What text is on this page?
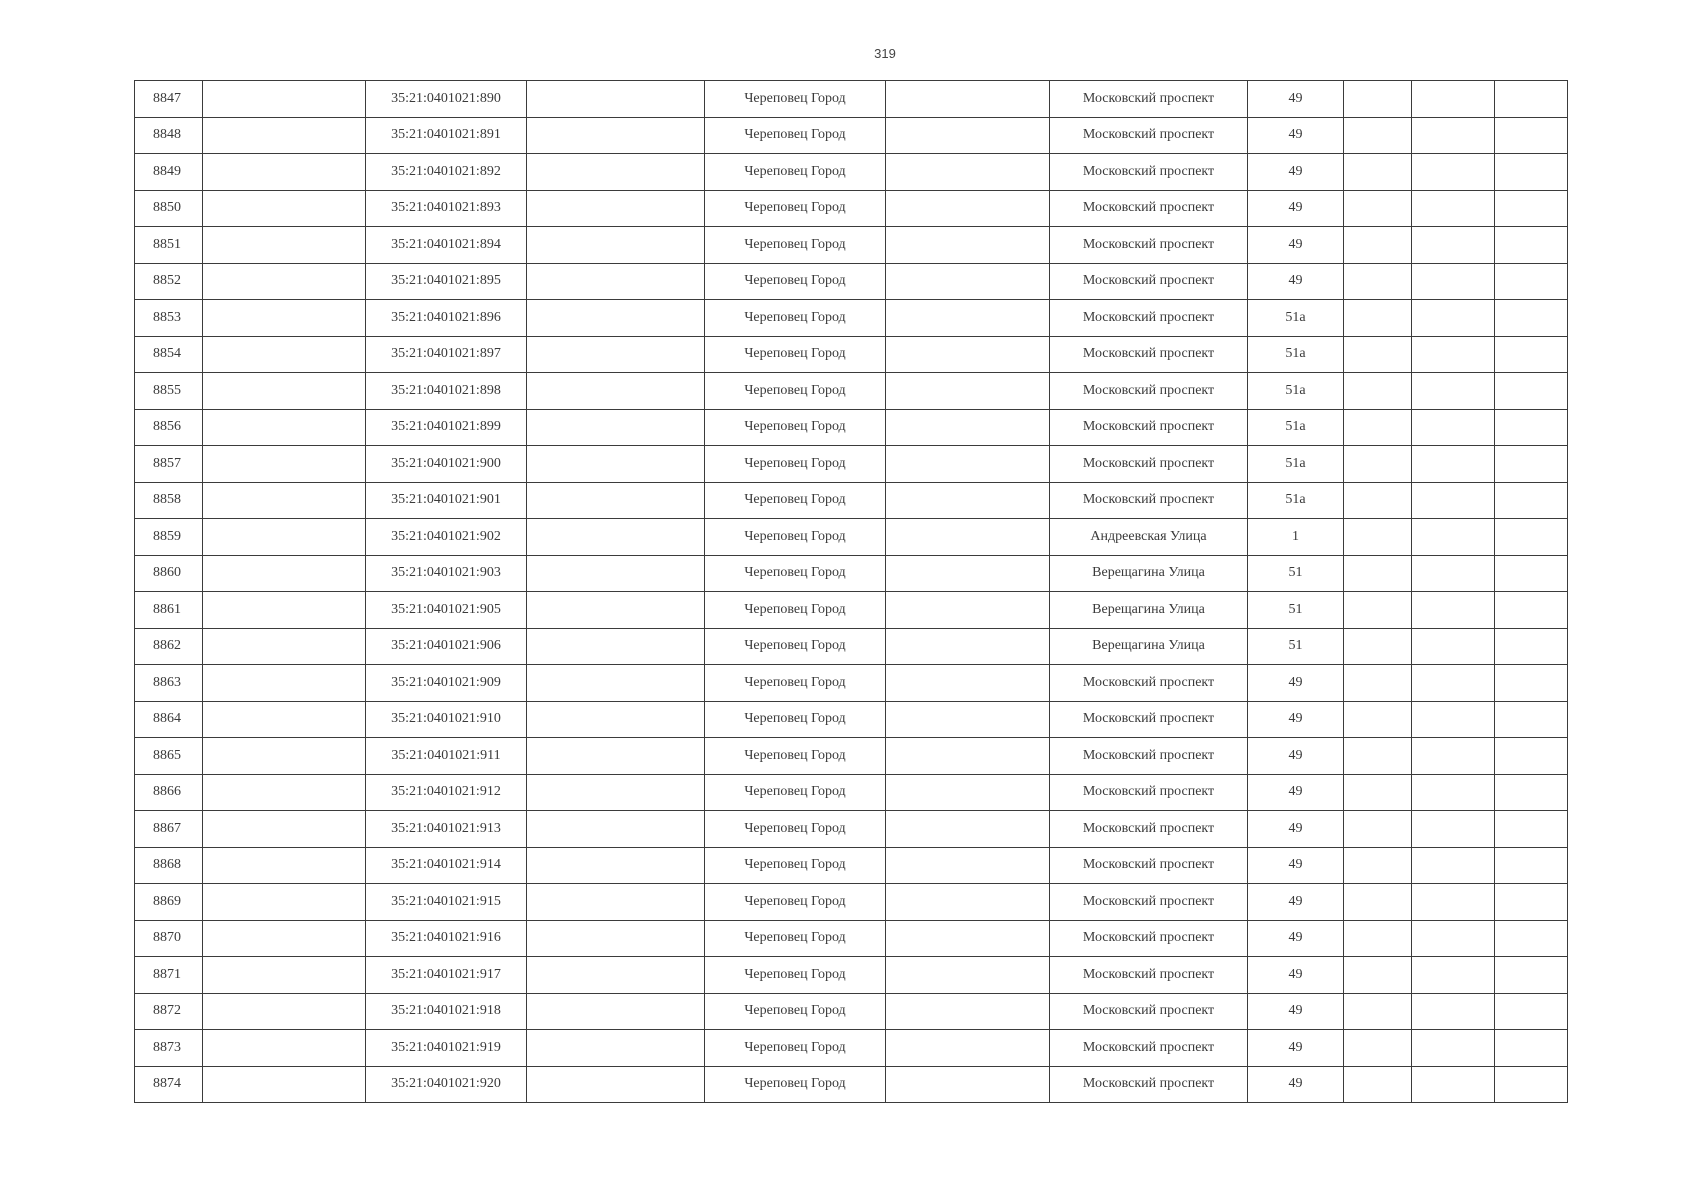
319
8847		35:21:0401021:890		Череповец Город		Московский проспект	49			
8848		35:21:0401021:891		Череповец Город		Московский проспект	49			
8849		35:21:0401021:892		Череповец Город		Московский проспект	49			
8850		35:21:0401021:893		Череповец Город		Московский проспект	49			
8851		35:21:0401021:894		Череповец Город		Московский проспект	49			
8852		35:21:0401021:895		Череповец Город		Московский проспект	49			
8853		35:21:0401021:896		Череповец Город		Московский проспект	51а			
8854		35:21:0401021:897		Череповец Город		Московский проспект	51а			
8855		35:21:0401021:898		Череповец Город		Московский проспект	51а			
8856		35:21:0401021:899		Череповец Город		Московский проспект	51а			
8857		35:21:0401021:900		Череповец Город		Московский проспект	51а			
8858		35:21:0401021:901		Череповец Город		Московский проспект	51а			
8859		35:21:0401021:902		Череповец Город		Андреевская Улица	1			
8860		35:21:0401021:903		Череповец Город		Верещагина Улица	51			
8861		35:21:0401021:905		Череповец Город		Верещагина Улица	51			
8862		35:21:0401021:906		Череповец Город		Верещагина Улица	51			
8863		35:21:0401021:909		Череповец Город		Московский проспект	49			
8864		35:21:0401021:910		Череповец Город		Московский проспект	49			
8865		35:21:0401021:911		Череповец Город		Московский проспект	49			
8866		35:21:0401021:912		Череповец Город		Московский проспект	49			
8867		35:21:0401021:913		Череповец Город		Московский проспект	49			
8868		35:21:0401021:914		Череповец Город		Московский проспект	49			
8869		35:21:0401021:915		Череповец Город		Московский проспект	49			
8870		35:21:0401021:916		Череповец Город		Московский проспект	49			
8871		35:21:0401021:917		Череповец Город		Московский проспект	49			
8872		35:21:0401021:918		Череповец Город		Московский проспект	49			
8873		35:21:0401021:919		Череповец Город		Московский проспект	49			
8874		35:21:0401021:920		Череповец Город		Московский проспект	49			
